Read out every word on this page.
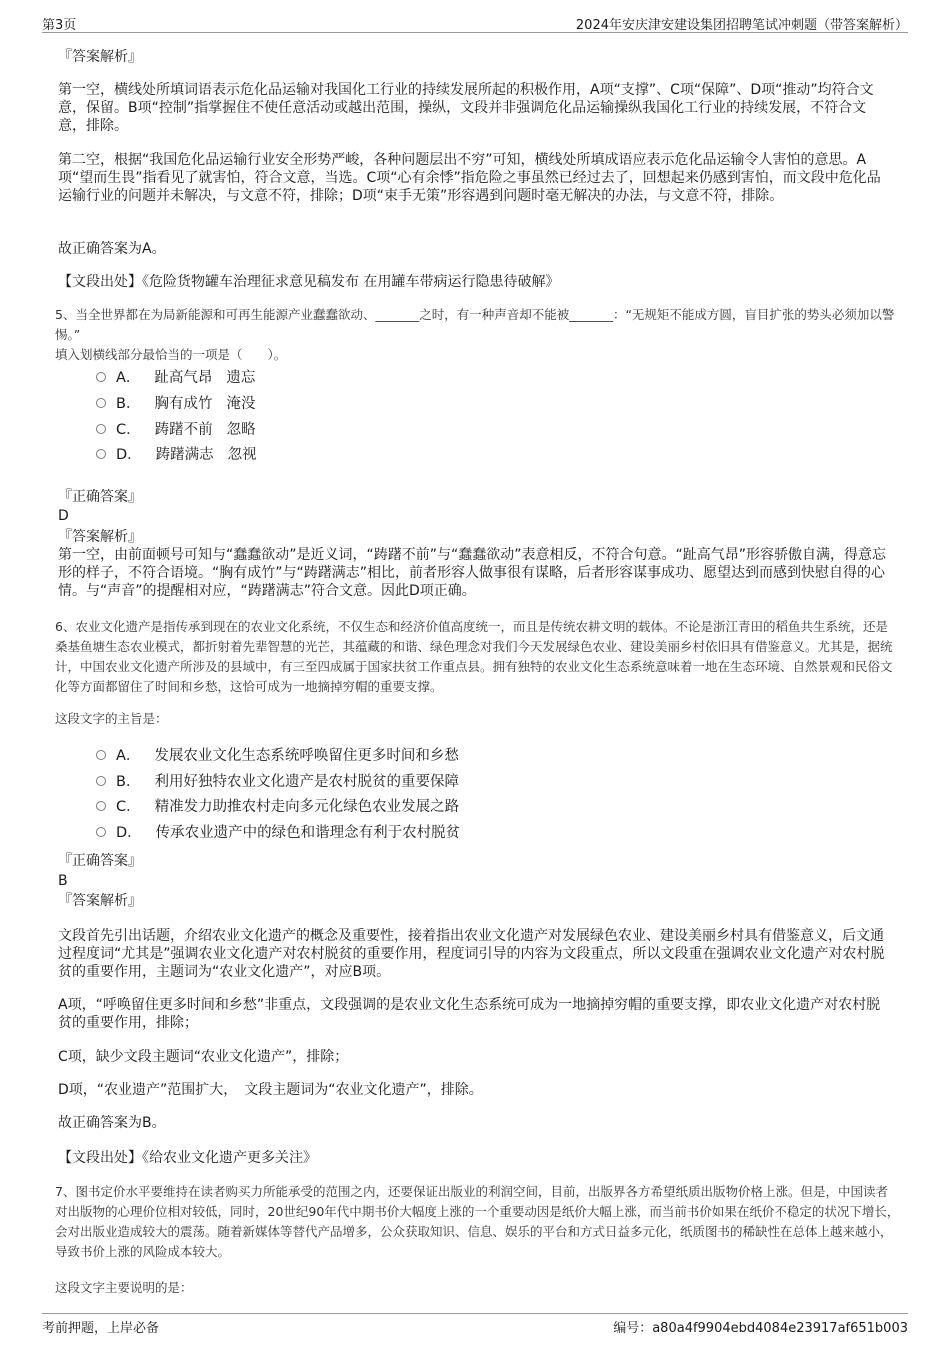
第3页	2024年安庆津安建设集团招聘笔试冲刺题（带答案解析）

『答案解析』

第一空，横线处所填词语表示危化品运输对我国化工行业的持续发展所起的积极作用，A项“支撑”、C项“保障”、D项“推动”均符合文意，保留。B项“控制”指掌握住不使任意活动或越出范围，操纵，文段并非强调危化品运输操纵我国化工行业的持续发展，不符合文意，排除。

第二空，根据“我国危化品运输行业安全形势严峻，各种问题层出不穷”可知，横线处所填成语应表示危化品运输令人害怕的意思。A项“望而生畏”指看见了就害怕，符合文意，当选。C项“心有余悸”指危险之事虽然已经过去了，回想起来仍感到害怕，而文段中危化品运输行业的问题并未解决，与文意不符，排除；D项“束手无策”形容遇到问题时毫无解决的办法，与文意不符，排除。

故正确答案为A。

【文段出处】《危险货物罐车治理征求意见稿发布 在用罐车带病运行隐患待破解》

5、当全世界都在为局新能源和可再生能源产业蠢蠢欲动、_______之时，有一种声音却不能被_______：“无规矩不能成方圆，盲目扩张的势头必须加以警惕。”

填入划横线部分最恰当的一项是（　　）。

A． 趾高气昂 遗忘
B． 胸有成竹 淹没
C． 踌躇不前 忽略
D． 踌躇满志 忽视

『正确答案』

D

『答案解析』

第一空，由前面顿号可知与“蠢蠢欲动”是近义词，“踌躇不前”与“蠢蠢欲动”表意相反，不符合句意。“趾高气昂”形容骄傲自满，得意忘形的样子，不符合语境。“胸有成竹”与“踌躇满志”相比，前者形容人做事很有谋略，后者形容谋事成功、愿望达到而感到快慰自得的心情。与“声音”的提醒相对应，“踌躇满志”符合文意。因此D项正确。

6、农业文化遗产是指传承到现在的农业文化系统，不仅生态和经济价值高度统一，而且是传统农耕文明的载体。不论是浙江青田的稻鱼共生系统，还是桑基鱼塘生态农业模式，都折射着先辈智慧的光芒，其蕴藏的和谐、绿色理念对我们今天发展绿色农业、建设美丽乡村依旧具有借鉴意义。尤其是，据统计，中国农业文化遗产所涉及的县域中，有三至四成属于国家扶贫工作重点县。拥有独特的农业文化生态系统意味着一地在生态环境、自然景观和民俗文化等方面都留住了时间和乡愁，这恰可成为一地摘掉穷帽的重要支撑。

这段文字的主旨是：

A． 发展农业文化生态系统呼唤留住更多时间和乡愁
B． 利用好独特农业文化遗产是农村脱贫的重要保障
C． 精准发力助推农村走向多元化绿色农业发展之路
D． 传承农业遗产中的绿色和谐理念有利于农村脱贫

『正确答案』

B

『答案解析』

文段首先引出话题，介绍农业文化遗产的概念及重要性，接着指出农业文化遗产对发展绿色农业、建设美丽乡村具有借鉴意义，后文通过程度词“尤其是”强调农业文化遗产对农村脱贫的重要作用，程度词引导的内容为文段重点，所以文段重在强调农业文化遗产对农村脱贫的重要作用，主题词为“农业文化遗产”，对应B项。

A项，“呼唤留住更多时间和乡愁”非重点，文段强调的是农业文化生态系统可成为一地摘掉穷帽的重要支撑，即农业文化遗产对农村脱贫的重要作用，排除；

C项，缺少文段主题词“农业文化遗产”，排除；

D项，“农业遗产”范围扩大，　文段主题词为“农业文化遗产”，排除。

故正确答案为B。

【文段出处】《给农业文化遗产更多关注》

7、图书定价水平要维持在读者购买力所能承受的范围之内，还要保证出版业的利润空间，目前，出版界各方希望纸质出版物价格上涨。但是，中国读者对出版物的心理价位相对较低，同时，20世纪90年代中期书价大幅度上涨的一个重要动因是纸价大幅上涨，而当前书价如果在纸价不稳定的状况下增长，会对出版业造成较大的震荡。随着新媒体等替代产品增多，公众获取知识、信息、娱乐的平台和方式日益多元化，纸质图书的稀缺性在总体上越来越小，导致书价上涨的风险成本较大。

这段文字主要说明的是：

考前押题，上岸必备	编号：a80a4f9904ebd4084e23917af651b003
